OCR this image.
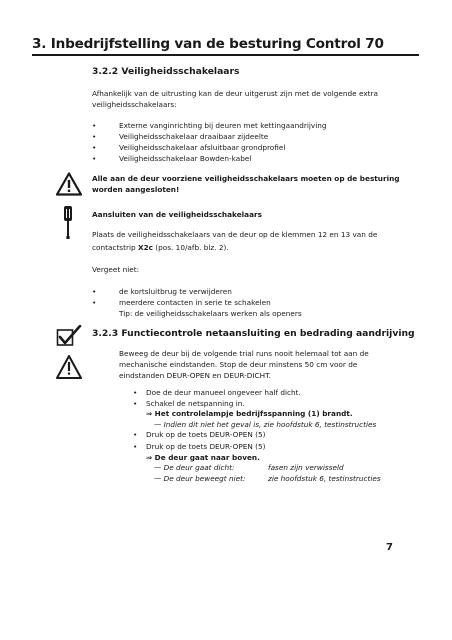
3. Inbedrijfstelling van de besturing Control 70
3.2.2 Veiligheidsschakelaars
Afhankelijk van de uitrusting kan de deur uitgerust zijn met de volgende extra
veiligheidsschakelaars:
•	Externe vanginrichting bij deuren met kettingaandrijving
•	Veiligheidsschakelaar draaibaar zijdeelte
•	Veiligheidsschakelaar afsluitbaar grondprofiel
•	Veiligheidsschakelaar Bowden-kabel
Alle aan de deur voorziene veiligheidsschakelaars moeten op de besturing
worden aangesloten!
Aansluiten van de veiligheidsschakelaars
Plaats de veiligheidsschakelaars van de deur op de klemmen 12 en 13 van de
contactstrip X2c (pos. 10/afb. blz. 2).
Vergeet niet:
•	de kortsluitbrug te verwijderen
•	meerdere contacten in serie te schakelen
Tip: de veiligheidsschakelaars werken als openers
3.2.3 Functiecontrole netaansluiting en bedrading aandrijving
Beweeg de deur bij de volgende trial runs nooit helemaal tot aan de
mechanische eindstanden. Stop de deur minstens 50 cm voor de
eindstanden DEUR-OPEN en DEUR-DICHT.
• Doe de deur manueel ongeveer half dicht.
• Schakel de netspanning in.
⇒ Het controlelampje bedrijfsspanning (1) brandt.
— Indien dit niet het geval is, zie hoofdstuk 6, testinstructies
• Druk op de toets DEUR-OPEN (5)
• Druk op de toets DEUR-OPEN (5)
⇒ De deur gaat naar boven.
— De deur gaat dicht:	fasen zijn verwisseld
— De deur beweegt niet:	zie hoofdstuk 6, testinstructies
7
